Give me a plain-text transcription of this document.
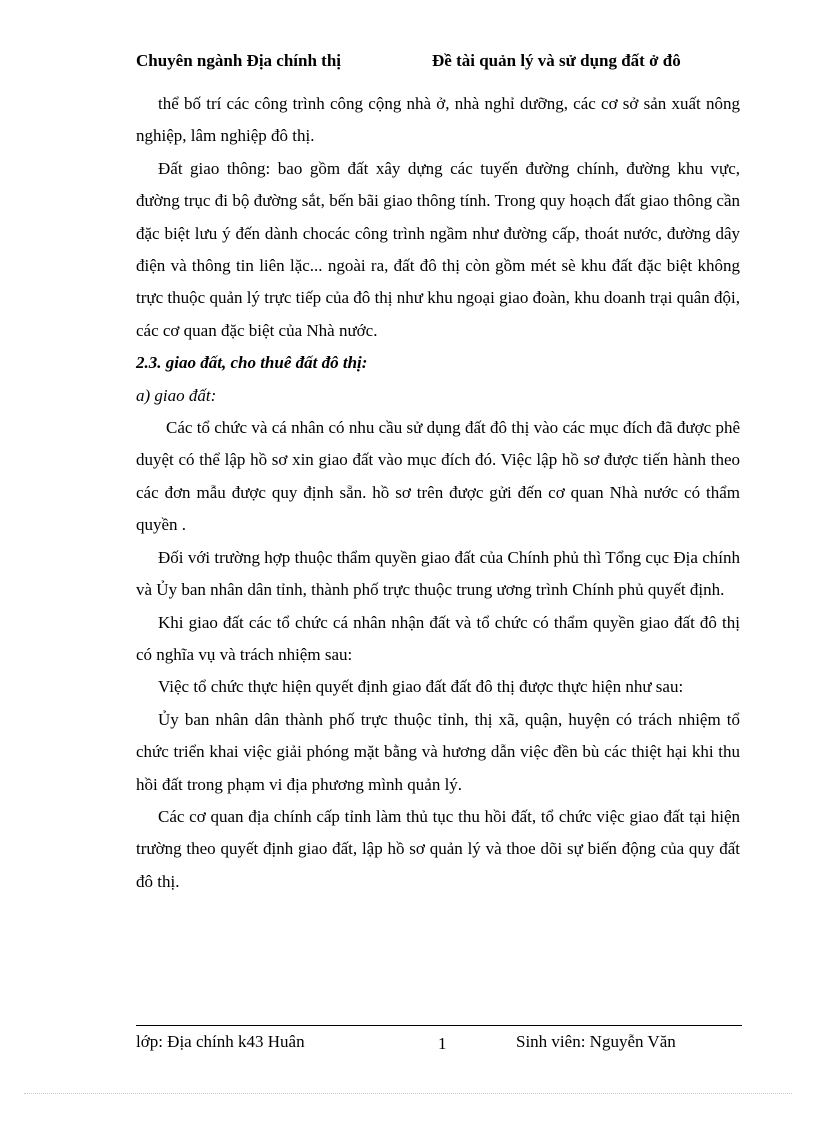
Chuyên ngành Địa chính thị	Đề tài quản lý và sử dụng đất ở đô

thể bố trí các công trình công cộng nhà ở, nhà nghỉ dưỡng, các cơ sở sản xuất nông nghiệp, lâm nghiệp đô thị.

Đất giao thông: bao gồm đất xây dựng các tuyến đường chính, đường khu vực, đường trục đi bộ đường sắt, bến bãi giao thông tính. Trong quy hoạch đất giao thông cần đặc biệt lưu ý đến dành chocác công trình ngầm như đường cấp, thoát nước, đường dây điện và thông tin liên lặc... ngoài ra, đất đô thị còn gồm mét sè khu đất đặc biệt không trực thuộc quản lý trực tiếp của đô thị như khu ngoại giao đoàn, khu doanh trại quân đội, các cơ quan đặc biệt của Nhà nước.

2.3. giao đất, cho thuê đất đô thị:

a) giao đất:

Các tổ chức và cá nhân có nhu cầu sử dụng đất đô thị vào các mục đích đã được phê duyệt có thể lập hồ sơ xin giao đất vào mục đích đó. Việc lập hồ sơ được tiến hành theo các đơn mẫu được quy định sẵn. hồ sơ trên được gửi đến cơ quan Nhà nước có thẩm quyền .

Đối với trường hợp thuộc thẩm quyền giao đất của Chính phủ thì Tổng cục Địa chính và Ủy ban nhân dân tỉnh, thành phố trực thuộc trung ương trình Chính phủ quyết định.

Khi giao đất các tổ chức cá nhân nhận đất và tổ chức có thẩm quyền giao đất đô thị có nghĩa vụ và trách nhiệm sau:

Việc tổ chức thực hiện quyết định giao đất đất đô thị được thực hiện như sau:

Ủy ban nhân dân thành phố trực thuộc tỉnh, thị xã, quận, huyện có trách nhiệm tổ chức triển khai việc giải phóng mặt bằng và hương dẫn việc đền bù các thiệt hại khi thu hồi đất trong phạm vi địa phương mình quản lý.

Các cơ quan địa chính cấp tỉnh làm thủ tục thu hồi đất, tổ chức việc giao đất tại hiện trường theo quyết định giao đất, lập hồ sơ quản lý và thoe dõi sự biến động của quy đất đô thị.

lớp: Địa chính k43 Huân	1	Sinh viên: Nguyễn Văn
